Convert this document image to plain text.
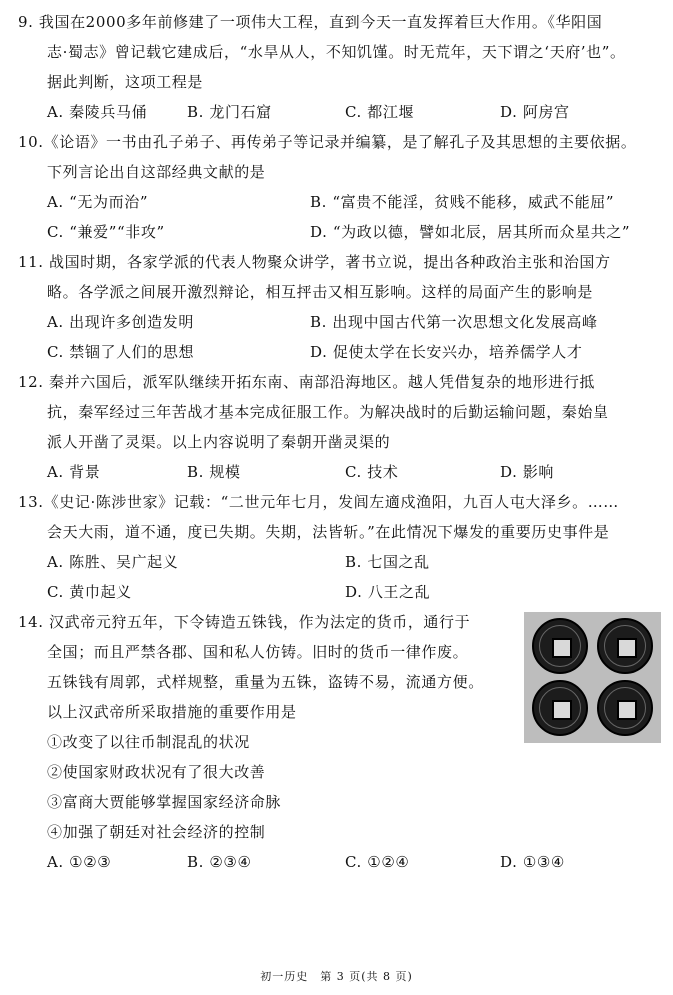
9. 我国在2000多年前修建了一项伟大工程，直到今天一直发挥着巨大作用。《华阳国
志·蜀志》曾记载它建成后，“水旱从人，不知饥馑。时无荒年，天下谓之‘天府’也”。
据此判断，这项工程是
A. 秦陵兵马俑	B. 龙门石窟	C. 都江堰	D. 阿房宫
10.《论语》一书由孔子弟子、再传弟子等记录并编纂，是了解孔子及其思想的主要依据。
下列言论出自这部经典文献的是
A. “无为而治”	B. “富贵不能淫，贫贱不能移，威武不能屈”
C. “兼爱”“非攻”	D. “为政以德，譬如北辰，居其所而众星共之”
11. 战国时期，各家学派的代表人物聚众讲学，著书立说，提出各种政治主张和治国方
略。各学派之间展开激烈辩论，相互抨击又相互影响。这样的局面产生的影响是
A. 出现许多创造发明	B. 出现中国古代第一次思想文化发展高峰
C. 禁锢了人们的思想	D. 促使太学在长安兴办，培养儒学人才
12. 秦并六国后，派军队继续开拓东南、南部沿海地区。越人凭借复杂的地形进行抵
抗，秦军经过三年苦战才基本完成征服工作。为解决战时的后勤运输问题，秦始皇
派人开凿了灵渠。以上内容说明了秦朝开凿灵渠的
A. 背景	B. 规模	C. 技术	D. 影响
13.《史记·陈涉世家》记载：“二世元年七月，发闾左適戍渔阳，九百人屯大泽乡。……
会天大雨，道不通，度已失期。失期，法皆斩。”在此情况下爆发的重要历史事件是
A. 陈胜、吴广起义	B. 七国之乱
C. 黄巾起义	D. 八王之乱
14. 汉武帝元狩五年，下令铸造五铢钱，作为法定的货币，通行于
全国；而且严禁各郡、国和私人仿铸。旧时的货币一律作废。
五铢钱有周郭，式样规整，重量为五铢，盗铸不易，流通方便。
以上汉武帝所采取措施的重要作用是
①改变了以往币制混乱的状况
②使国家财政状况有了很大改善
③富商大贾能够掌握国家经济命脉
④加强了朝廷对社会经济的控制
A. ①②③	B. ②③④	C. ①②④	D. ①③④
初一历史　第 3 页(共 8 页)
